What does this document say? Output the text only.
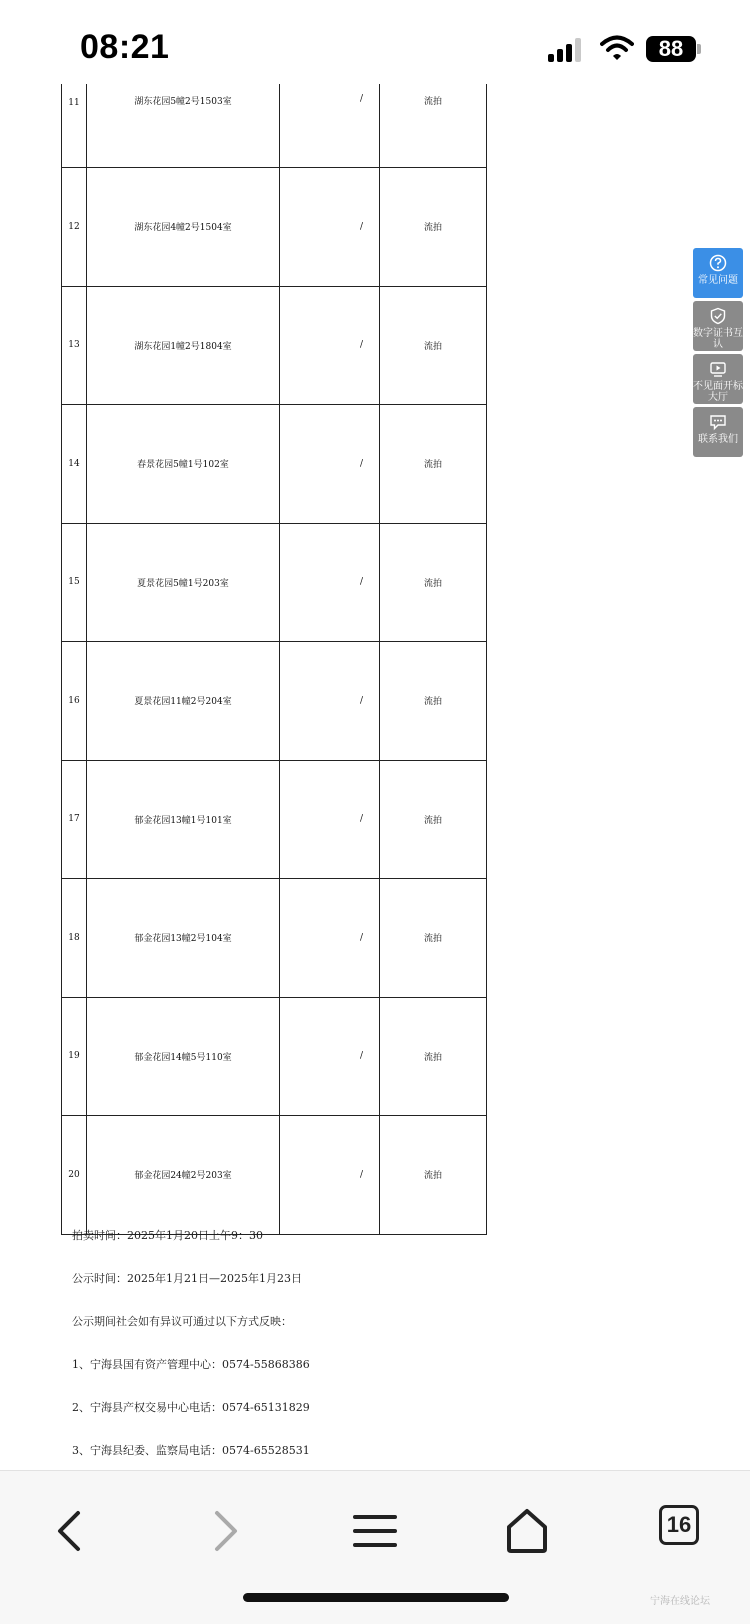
08:21	88
11	湖东花园5幢2号1503室	/	流拍
12	湖东花园4幢2号1504室	/	流拍
13	湖东花园1幢2号1804室	/	流拍
14	春景花园5幢1号102室	/	流拍
15	夏景花园5幢1号203室	/	流拍
16	夏景花园11幢2号204室	/	流拍
17	郁金花园13幢1号101室	/	流拍
18	郁金花园13幢2号104室	/	流拍
19	郁金花园14幢5号110室	/	流拍
20	郁金花园24幢2号203室	/	流拍

拍卖时间：2025年1月20日上午9：30

公示时间：2025年1月21日—2025年1月23日

公示期间社会如有异议可通过以下方式反映：

1、宁海县国有资产管理中心：0574-55868386

2、宁海县产权交易中心电话：0574-65131829

3、宁海县纪委、监察局电话：0574-65528531

常见问题
数字证书互认
不见面开标大厅
联系我们
16
宁海在线论坛
